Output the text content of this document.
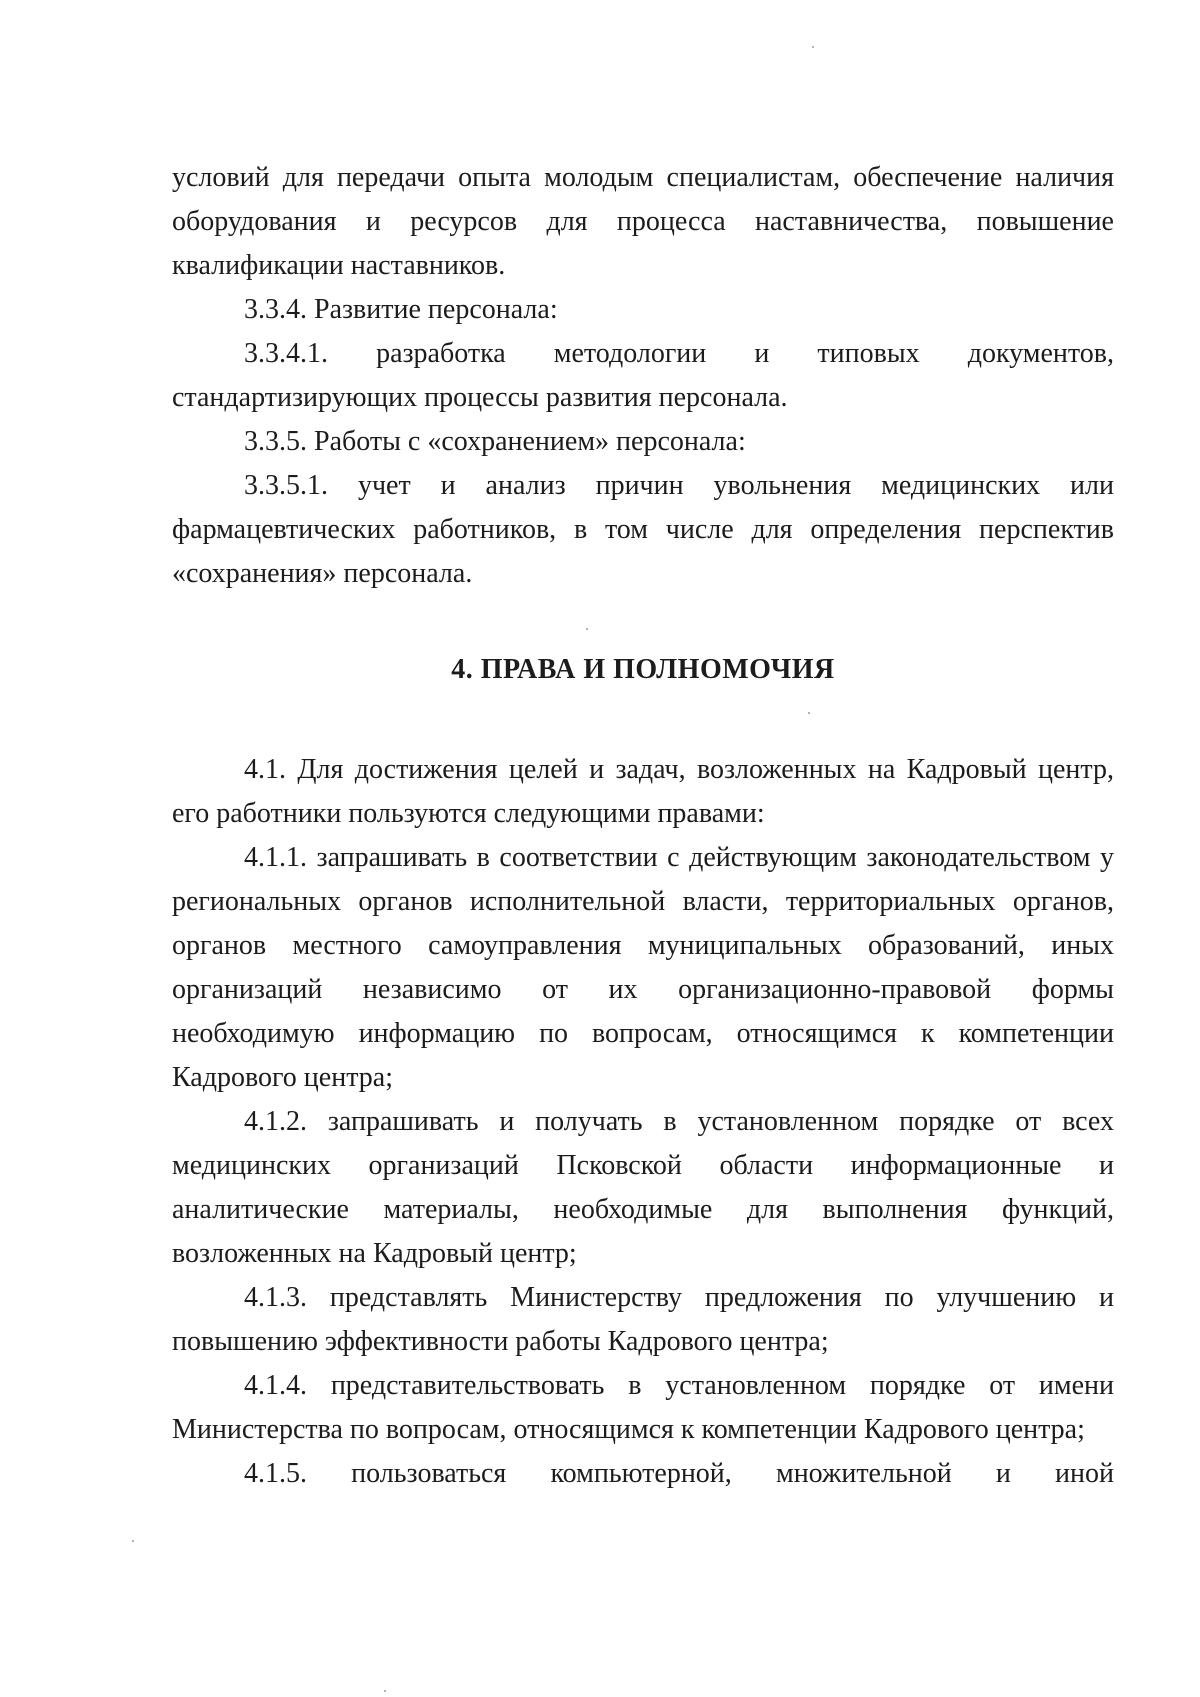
условий для передачи опыта молодым специалистам, обеспечение наличия оборудования и ресурсов для процесса наставничества, повышение квалификации наставников.

3.3.4. Развитие персонала:

3.3.4.1. разработка методологии и типовых документов, стандартизирующих процессы развития персонала.

3.3.5. Работы с «сохранением» персонала:

3.3.5.1. учет и анализ причин увольнения медицинских или фармацевтических работников, в том числе для определения перспектив «сохранения» персонала.

4. ПРАВА И ПОЛНОМОЧИЯ

4.1. Для достижения целей и задач, возложенных на Кадровый центр, его работники пользуются следующими правами:

4.1.1. запрашивать в соответствии с действующим законодательством у региональных органов исполнительной власти, территориальных органов, органов местного самоуправления муниципальных образований, иных организаций независимо от их организационно-правовой формы необходимую информацию по вопросам, относящимся к компетенции Кадрового центра;

4.1.2. запрашивать и получать в установленном порядке от всех медицинских организаций Псковской области информационные и аналитические материалы, необходимые для выполнения функций, возложенных на Кадровый центр;

4.1.3. представлять Министерству предложения по улучшению и повышению эффективности работы Кадрового центра;

4.1.4. представительствовать в установленном порядке от имени Министерства по вопросам, относящимся к компетенции Кадрового центра;

4.1.5. пользоваться компьютерной, множительной и иной
